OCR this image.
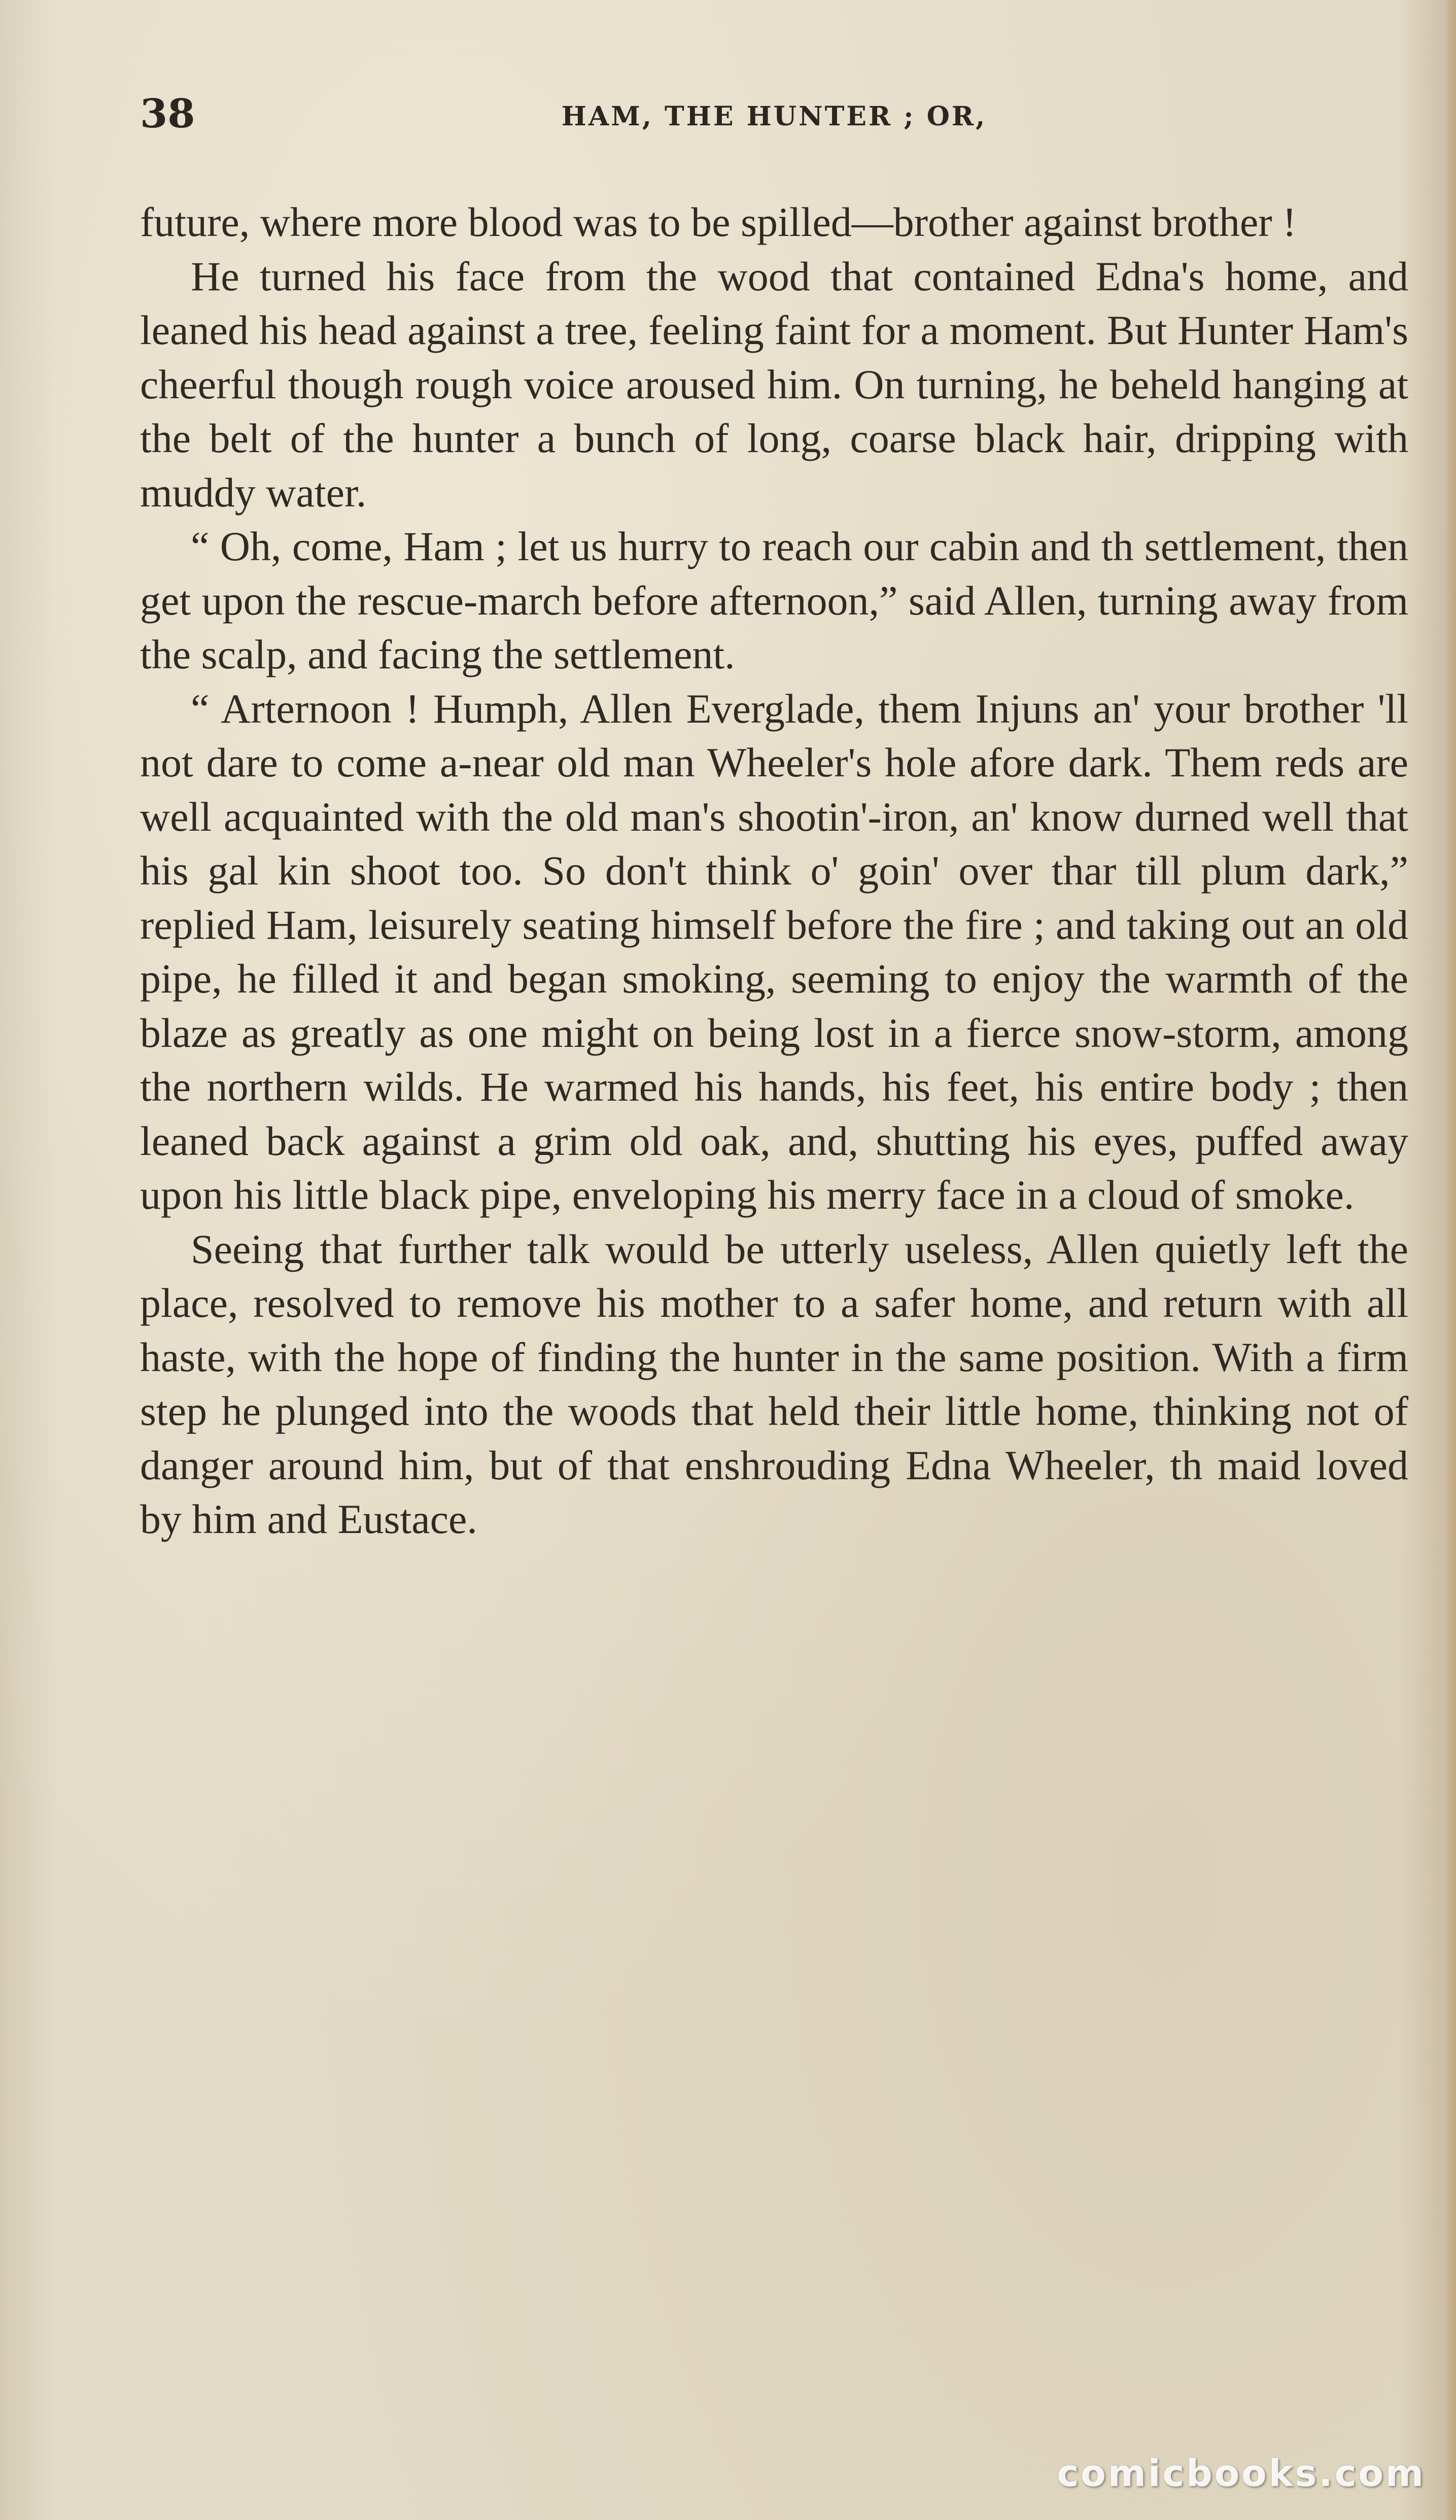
38	HAM, THE HUNTER ; OR,

future, where more blood was to be spilled—brother against brother !

He turned his face from the wood that contained Edna's home, and leaned his head against a tree, feeling faint for a moment. But Hunter Ham's cheerful though rough voice aroused him. On turning, he beheld hanging at the belt of the hunter a bunch of long, coarse black hair, dripping with muddy water.

“ Oh, come, Ham ; let us hurry to reach our cabin and th settlement, then get upon the rescue-march before afternoon,” said Allen, turning away from the scalp, and facing the settlement.

“ Arternoon ! Humph, Allen Everglade, them Injuns an' your brother 'll not dare to come a-near old man Wheeler's hole afore dark. Them reds are well acquainted with the old man's shootin'-iron, an' know durned well that his gal kin shoot too. So don't think o' goin' over thar till plum dark,” replied Ham, leisurely seating himself before the fire ; and taking out an old pipe, he filled it and began smoking, seeming to enjoy the warmth of the blaze as greatly as one might on being lost in a fierce snow-storm, among the northern wilds. He warmed his hands, his feet, his entire body ; then leaned back against a grim old oak, and, shutting his eyes, puffed away upon his little black pipe, enveloping his merry face in a cloud of smoke.

Seeing that further talk would be utterly useless, Allen quietly left the place, resolved to remove his mother to a safer home, and return with all haste, with the hope of finding the hunter in the same position. With a firm step he plunged into the woods that held their little home, thinking not of danger around him, but of that enshrouding Edna Wheeler, th maid loved by him and Eustace.

comicbooks.com
